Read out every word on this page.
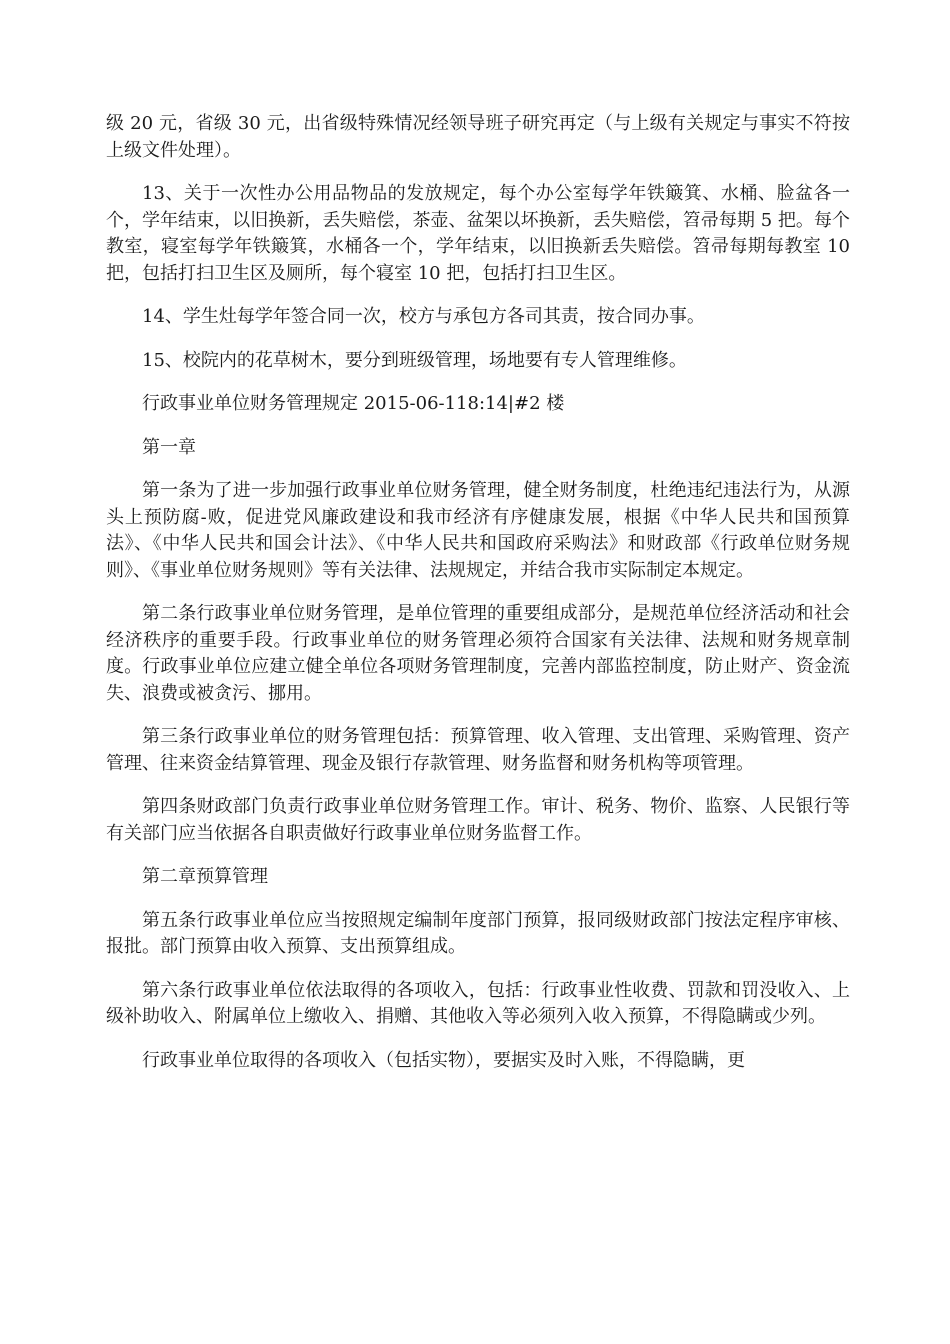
级 20 元，省级 30 元，出省级特殊情况经领导班子研究再定（与上级有关规定与事实不符按上级文件处理）。

13、关于一次性办公用品物品的发放规定，每个办公室每学年铁簸箕、水桶、脸盆各一个，学年结束，以旧换新，丢失赔偿，茶壶、盆架以坏换新，丢失赔偿，笤帚每期 5 把。每个教室，寝室每学年铁簸箕，水桶各一个，学年结束，以旧换新丢失赔偿。笤帚每期每教室 10 把，包括打扫卫生区及厕所，每个寝室 10 把，包括打扫卫生区。

14、学生灶每学年签合同一次，校方与承包方各司其责，按合同办事。

15、校院内的花草树木，要分到班级管理，场地要有专人管理维修。

行政事业单位财务管理规定 2015-06-118:14|#2 楼

第一章

第一条为了进一步加强行政事业单位财务管理，健全财务制度，杜绝违纪违法行为，从源头上预防腐-败，促进党风廉政建设和我市经济有序健康发展，根据《中华人民共和国预算法》、《中华人民共和国会计法》、《中华人民共和国政府采购法》和财政部《行政单位财务规则》、《事业单位财务规则》等有关法律、法规规定，并结合我市实际制定本规定。

第二条行政事业单位财务管理，是单位管理的重要组成部分，是规范单位经济活动和社会经济秩序的重要手段。行政事业单位的财务管理必须符合国家有关法律、法规和财务规章制度。行政事业单位应建立健全单位各项财务管理制度，完善内部监控制度，防止财产、资金流失、浪费或被贪污、挪用。

第三条行政事业单位的财务管理包括：预算管理、收入管理、支出管理、采购管理、资产管理、往来资金结算管理、现金及银行存款管理、财务监督和财务机构等项管理。

第四条财政部门负责行政事业单位财务管理工作。审计、税务、物价、监察、人民银行等有关部门应当依据各自职责做好行政事业单位财务监督工作。

第二章预算管理

第五条行政事业单位应当按照规定编制年度部门预算，报同级财政部门按法定程序审核、报批。部门预算由收入预算、支出预算组成。

第六条行政事业单位依法取得的各项收入，包括：行政事业性收费、罚款和罚没收入、上级补助收入、附属单位上缴收入、捐赠、其他收入等必须列入收入预算，不得隐瞒或少列。

行政事业单位取得的各项收入（包括实物），要据实及时入账，不得隐瞒，更
